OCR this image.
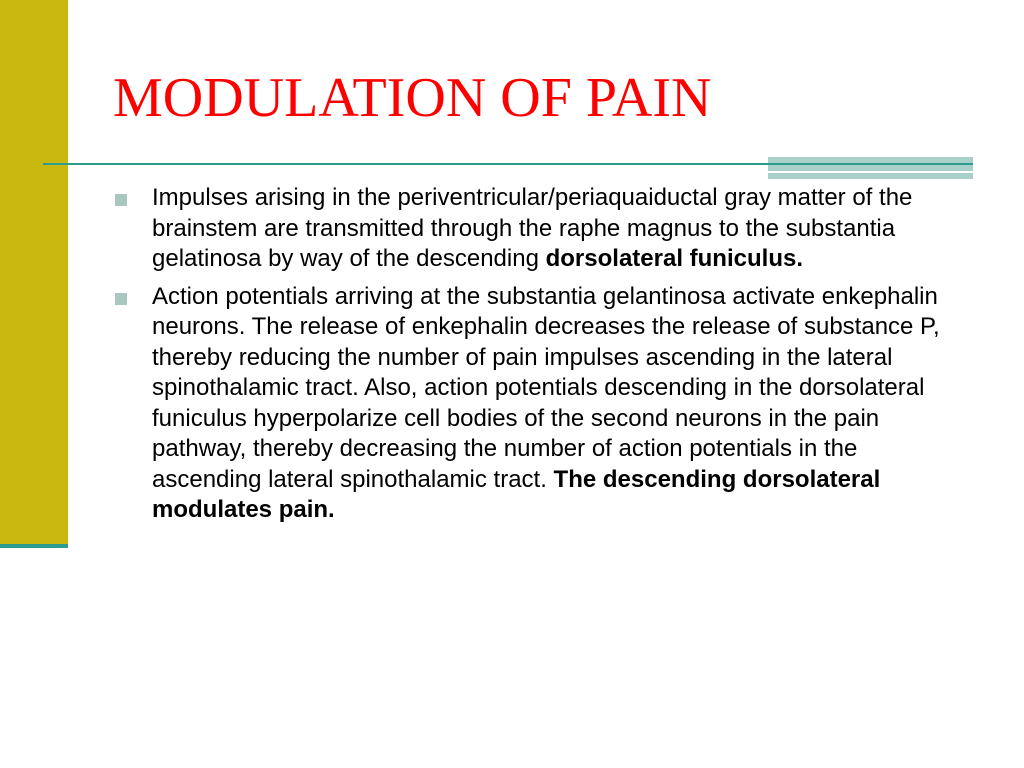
MODULATION OF PAIN
Impulses arising in the periventricular/periaquaiductal gray matter of the brainstem are transmitted through the raphe magnus to the substantia gelatinosa by way of the descending dorsolateral funiculus.
Action potentials arriving at the substantia gelantinosa activate enkephalin neurons. The release of enkephalin decreases the release of substance P, thereby reducing the number of pain impulses ascending in the lateral spinothalamic tract. Also, action potentials descending in the dorsolateral funiculus hyperpolarize cell bodies of the second neurons in the pain pathway, thereby decreasing the number of action potentials in the ascending lateral spinothalamic tract. The descending dorsolateral modulates pain.
